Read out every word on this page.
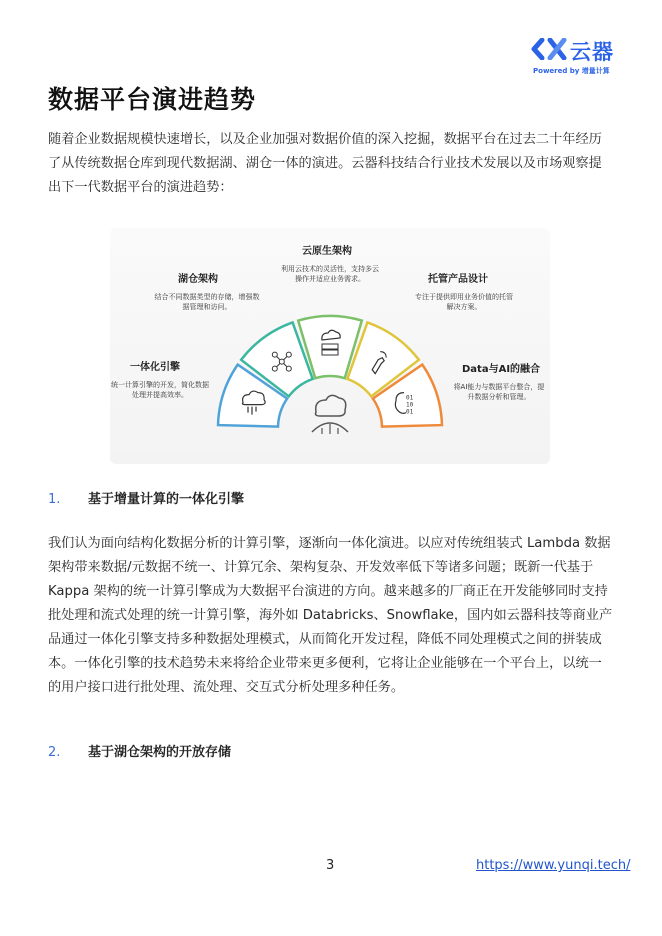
云器
Powered by 增量计算
数据平台演进趋势

随着企业数据规模快速增长，以及企业加强对数据价值的深入挖掘，数据平台在过去二十年经历了从传统数据仓库到现代数据湖、湖仓一体的演进。云器科技结合行业技术发展以及市场观察提出下一代数据平台的演进趋势：

01
10
01
一体化引擎
统一计算引擎的开发，简化数据处理并提高效率。
湖仓架构
结合不同数据类型的存储，增强数据管理和访问。
云原生架构
利用云技术的灵活性，支持多云操作并适应业务需求。	托管产品设计
专注于提供即用业务价值的托管解决方案。
Data与AI的融合
将AI能力与数据平台整合，提升数据分析和管理。
1. 基于增量计算的一体化引擎

我们认为面向结构化数据分析的计算引擎，逐渐向一体化演进。以应对传统组装式 Lambda 数据架构带来数据/元数据不统一、计算冗余、架构复杂、开发效率低下等诸多问题；既新一代基于 Kappa 架构的统一计算引擎成为大数据平台演进的方向。越来越多的厂商正在开发能够同时支持批处理和流式处理的统一计算引擎，海外如 Databricks、Snowflake，国内如云器科技等商业产品通过一体化引擎支持多种数据处理模式，从而简化开发过程，降低不同处理模式之间的拼装成本。一体化引擎的技术趋势未来将给企业带来更多便利，它将让企业能够在一个平台上，以统一的用户接口进行批处理、流处理、交互式分析处理多种任务。

2. 基于湖仓架构的开放存储
3	https://www.yunqi.tech/
